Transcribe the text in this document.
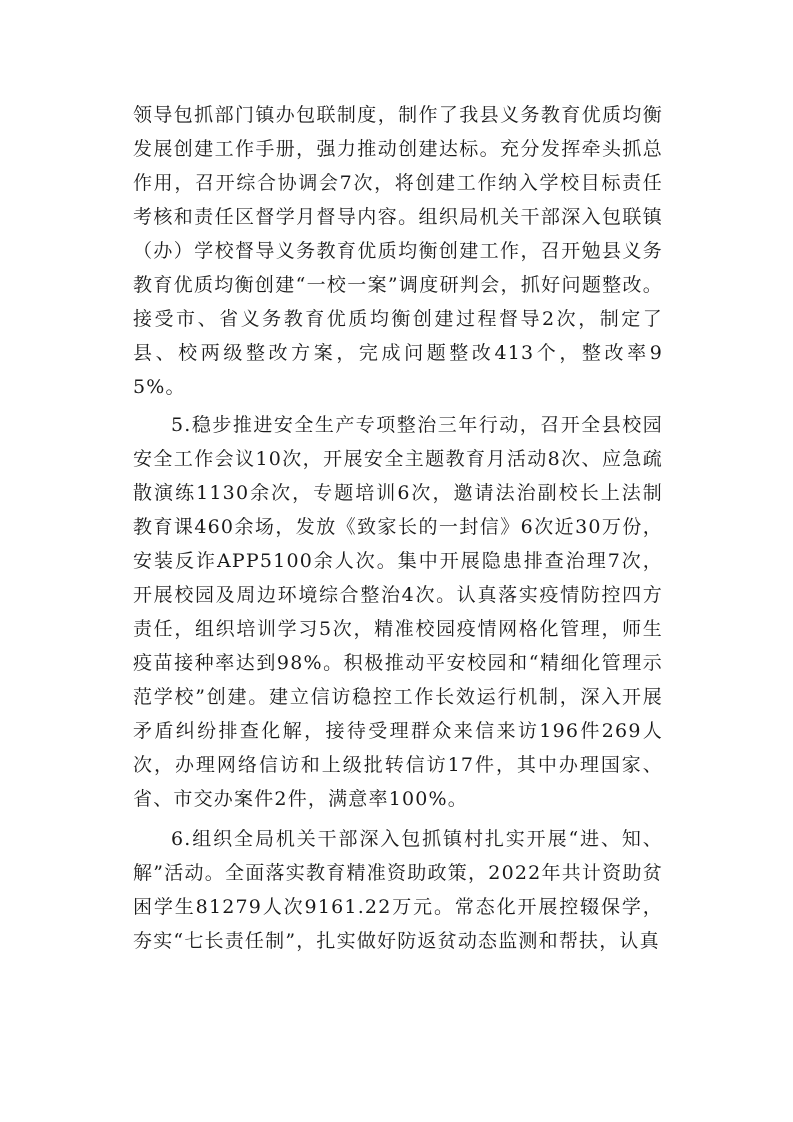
领导包抓部门镇办包联制度，制作了我县义务教育优质均衡发展创建工作手册，强力推动创建达标。充分发挥牵头抓总作用，召开综合协调会7次，将创建工作纳入学校目标责任考核和责任区督学月督导内容。组织局机关干部深入包联镇（办）学校督导义务教育优质均衡创建工作，召开勉县义务教育优质均衡创建“一校一案”调度研判会，抓好问题整改。接受市、省义务教育优质均衡创建过程督导2次，制定了县、校两级整改方案，完成问题整改413个，整改率95%。

5.稳步推进安全生产专项整治三年行动，召开全县校园安全工作会议10次，开展安全主题教育月活动8次、应急疏散演练1130余次，专题培训6次，邀请法治副校长上法制教育课460余场，发放《致家长的一封信》6次近30万份，安装反诈APP5100余人次。集中开展隐患排查治理7次，开展校园及周边环境综合整治4次。认真落实疫情防控四方责任，组织培训学习5次，精准校园疫情网格化管理，师生疫苗接种率达到98%。积极推动平安校园和“精细化管理示范学校”创建。建立信访稳控工作长效运行机制，深入开展矛盾纠纷排查化解，接待受理群众来信来访196件269人次，办理网络信访和上级批转信访17件，其中办理国家、省、市交办案件2件，满意率100%。

6.组织全局机关干部深入包抓镇村扎实开展“进、知、解”活动。全面落实教育精准资助政策，2022年共计资助贫困学生81279人次9161.22万元。常态化开展控辍保学，夯实“七长责任制”，扎实做好防返贫动态监测和帮扶，认真
